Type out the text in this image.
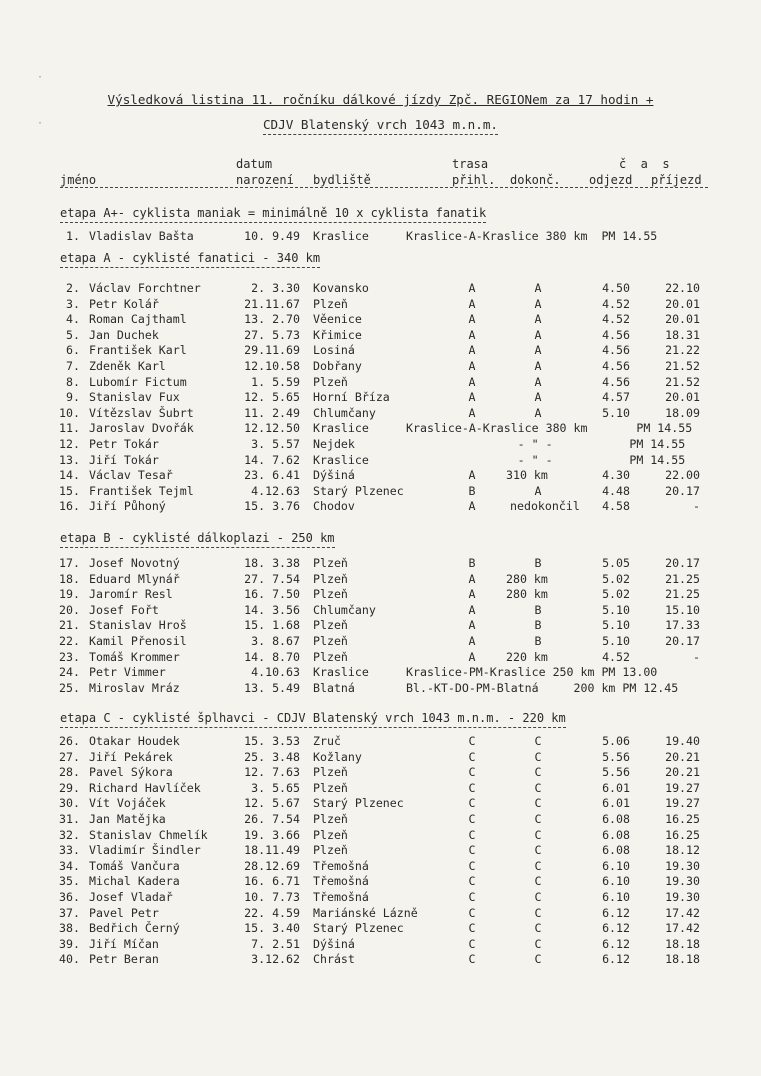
·
·
Výsledková listina 11. ročníku dálkové jízdy Zpč. REGIONem za 17 hodin +
CDJV Blatenský vrch 1043 m.n.m.
datum	trasa	č  a  s
jméno	narození bydliště	přihl. dokonč. odjezd příjezd
etapa A+- cyklista maniak = minimálně 10 x cyklista fanatik
etapa A - cyklisté fanatici - 340 km
etapa B - cyklisté dálkoplazi - 250 km
etapa C - cyklisté šplhavci - CDJV Blatenský vrch 1043 m.n.m. - 220 km
1. Vladislav Bašta	10. 9.49 Kraslice	Kraslice-A-Kraslice 380 km  PM 14.55
2. Václav Forchtner	2. 3.30 Kovansko	A	A	4.50	22.10
3. Petr Kolář	21.11.67 Plzeň	A	A	4.52	20.01
4. Roman Cajthaml	13. 2.70 Věenice	A	A	4.52	20.01
5. Jan Duchek	27. 5.73 Křimice	A	A	4.56	18.31
6. František Karl	29.11.69 Losiná	A	A	4.56	21.22
7. Zdeněk Karl	12.10.58 Dobřany	A	A	4.56	21.52
8. Lubomír Fictum	1. 5.59 Plzeň	A	A	4.56	21.52
9. Stanislav Fux	12. 5.65 Horní Bříza	A	A	4.57	20.01
10. Vítězslav Šubrt	11. 2.49 Chlumčany	A	A	5.10	18.09
11. Jaroslav Dvořák	12.12.50 Kraslice	Kraslice-A-Kraslice 380 km       PM 14.55
12. Petr Tokár	3. 5.57 Nejdek	- " -           PM 14.55
13. Jiří Tokár	14. 7.62 Kraslice	- " -           PM 14.55
14. Václav Tesař	23. 6.41 Dýšiná	A	310 km	4.30	22.00
15. František Tejml	4.12.63 Starý Plzenec	B	A	4.48	20.17
16. Jiří Půhoný	15. 3.76 Chodov	A	nedokončil	4.58	-
17. Josef Novotný	18. 3.38 Plzeň	B	B	5.05	20.17
18. Eduard Mlynář	27. 7.54 Plzeň	A	280 km	5.02	21.25
19. Jaromír Resl	16. 7.50 Plzeň	A	280 km	5.02	21.25
20. Josef Fořt	14. 3.56 Chlumčany	A	B	5.10	15.10
21. Stanislav Hroš	15. 1.68 Plzeň	A	B	5.10	17.33
22. Kamil Přenosil	3. 8.67 Plzeň	A	B	5.10	20.17
23. Tomáš Krommer	14. 8.70 Plzeň	A	220 km	4.52	-
24. Petr Vimmer	4.10.63 Kraslice	Kraslice-PM-Kraslice 250 km PM 13.00
25. Miroslav Mráz	13. 5.49 Blatná	Bl.-KT-DO-PM-Blatná     200 km PM 12.45
26. Otakar Houdek	15. 3.53 Zruč	C	C	5.06	19.40
27. Jiří Pekárek	25. 3.48 Kožlany	C	C	5.56	20.21
28. Pavel Sýkora	12. 7.63 Plzeň	C	C	5.56	20.21
29. Richard Havlíček	3. 5.65 Plzeň	C	C	6.01	19.27
30. Vít Vojáček	12. 5.67 Starý Plzenec	C	C	6.01	19.27
31. Jan Matějka	26. 7.54 Plzeň	C	C	6.08	16.25
32. Stanislav Chmelík	19. 3.66 Plzeň	C	C	6.08	16.25
33. Vladimír Šindler	18.11.49 Plzeň	C	C	6.08	18.12
34. Tomáš Vančura	28.12.69 Třemošná	C	C	6.10	19.30
35. Michal Kadera	16. 6.71 Třemošná	C	C	6.10	19.30
36. Josef Vladař	10. 7.73 Třemošná	C	C	6.10	19.30
37. Pavel Petr	22. 4.59 Mariánské Lázně	C	C	6.12	17.42
38. Bedřich Černý	15. 3.40 Starý Plzenec	C	C	6.12	17.42
39. Jiří Míčan	7. 2.51 Dýšiná	C	C	6.12	18.18
40. Petr Beran	3.12.62 Chrást	C	C	6.12	18.18
